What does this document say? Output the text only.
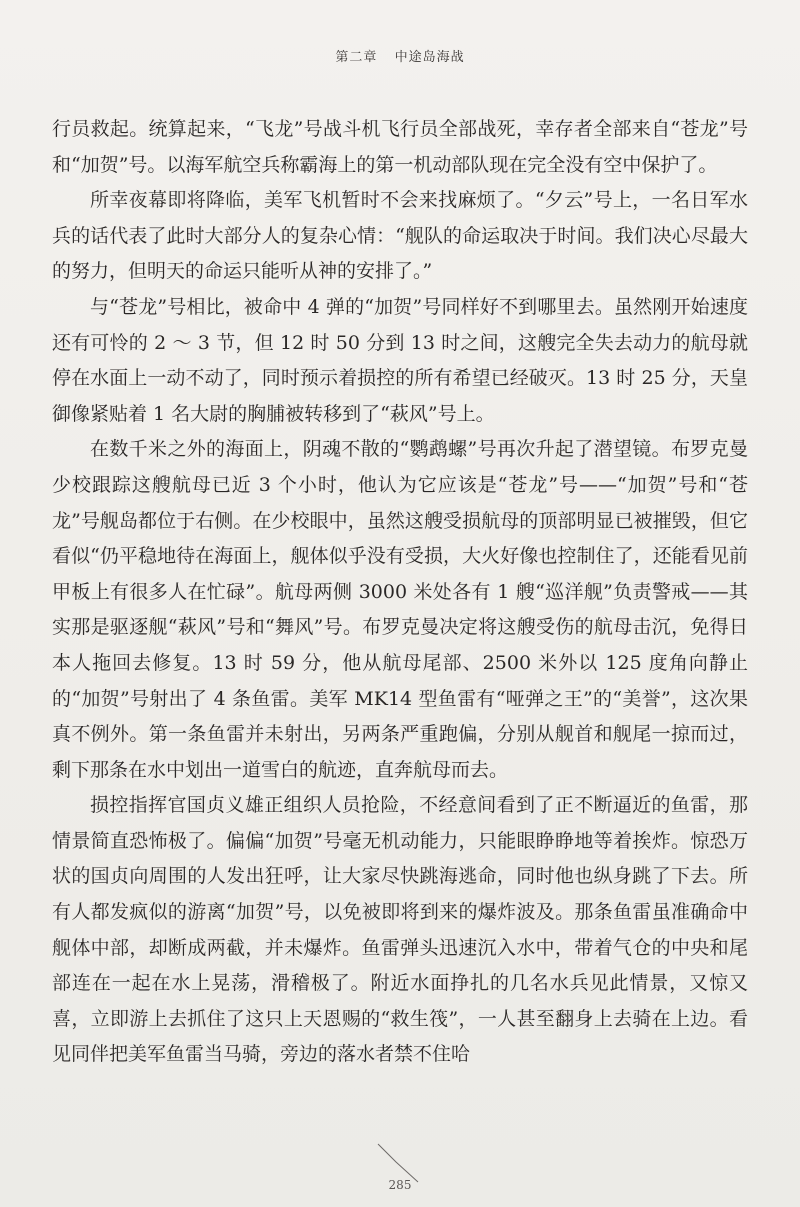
第二章 中途岛海战

行员救起。统算起来，“飞龙”号战斗机飞行员全部战死，幸存者全部来自“苍龙”号和“加贺”号。以海军航空兵称霸海上的第一机动部队现在完全没有空中保护了。

所幸夜幕即将降临，美军飞机暂时不会来找麻烦了。“夕云”号上，一名日军水兵的话代表了此时大部分人的复杂心情：“舰队的命运取决于时间。我们决心尽最大的努力，但明天的命运只能听从神的安排了。”

与“苍龙”号相比，被命中 4 弹的“加贺”号同样好不到哪里去。虽然刚开始速度还有可怜的 2 ～ 3 节，但 12 时 50 分到 13 时之间，这艘完全失去动力的航母就停在水面上一动不动了，同时预示着损控的所有希望已经破灭。13 时 25 分，天皇御像紧贴着 1 名大尉的胸脯被转移到了“萩风”号上。

在数千米之外的海面上，阴魂不散的“鹦鹉螺”号再次升起了潜望镜。布罗克曼少校跟踪这艘航母已近 3 个小时，他认为它应该是“苍龙”号——“加贺”号和“苍龙”号舰岛都位于右侧。在少校眼中，虽然这艘受损航母的顶部明显已被摧毁，但它看似“仍平稳地待在海面上，舰体似乎没有受损，大火好像也控制住了，还能看见前甲板上有很多人在忙碌”。航母两侧 3000 米处各有 1 艘“巡洋舰”负责警戒——其实那是驱逐舰“萩风”号和“舞风”号。布罗克曼决定将这艘受伤的航母击沉，免得日本人拖回去修复。13 时 59 分，他从航母尾部、2500 米外以 125 度角向静止的“加贺”号射出了 4 条鱼雷。美军 MK14 型鱼雷有“哑弹之王”的“美誉”，这次果真不例外。第一条鱼雷并未射出，另两条严重跑偏，分别从舰首和舰尾一掠而过，剩下那条在水中划出一道雪白的航迹，直奔航母而去。

损控指挥官国贞义雄正组织人员抢险，不经意间看到了正不断逼近的鱼雷，那情景简直恐怖极了。偏偏“加贺”号毫无机动能力，只能眼睁睁地等着挨炸。惊恐万状的国贞向周围的人发出狂呼，让大家尽快跳海逃命，同时他也纵身跳了下去。所有人都发疯似的游离“加贺”号，以免被即将到来的爆炸波及。那条鱼雷虽准确命中舰体中部，却断成两截，并未爆炸。鱼雷弹头迅速沉入水中，带着气仓的中央和尾部连在一起在水上晃荡，滑稽极了。附近水面挣扎的几名水兵见此情景，又惊又喜，立即游上去抓住了这只上天恩赐的“救生筏”，一人甚至翻身上去骑在上边。看见同伴把美军鱼雷当马骑，旁边的落水者禁不住哈

285
